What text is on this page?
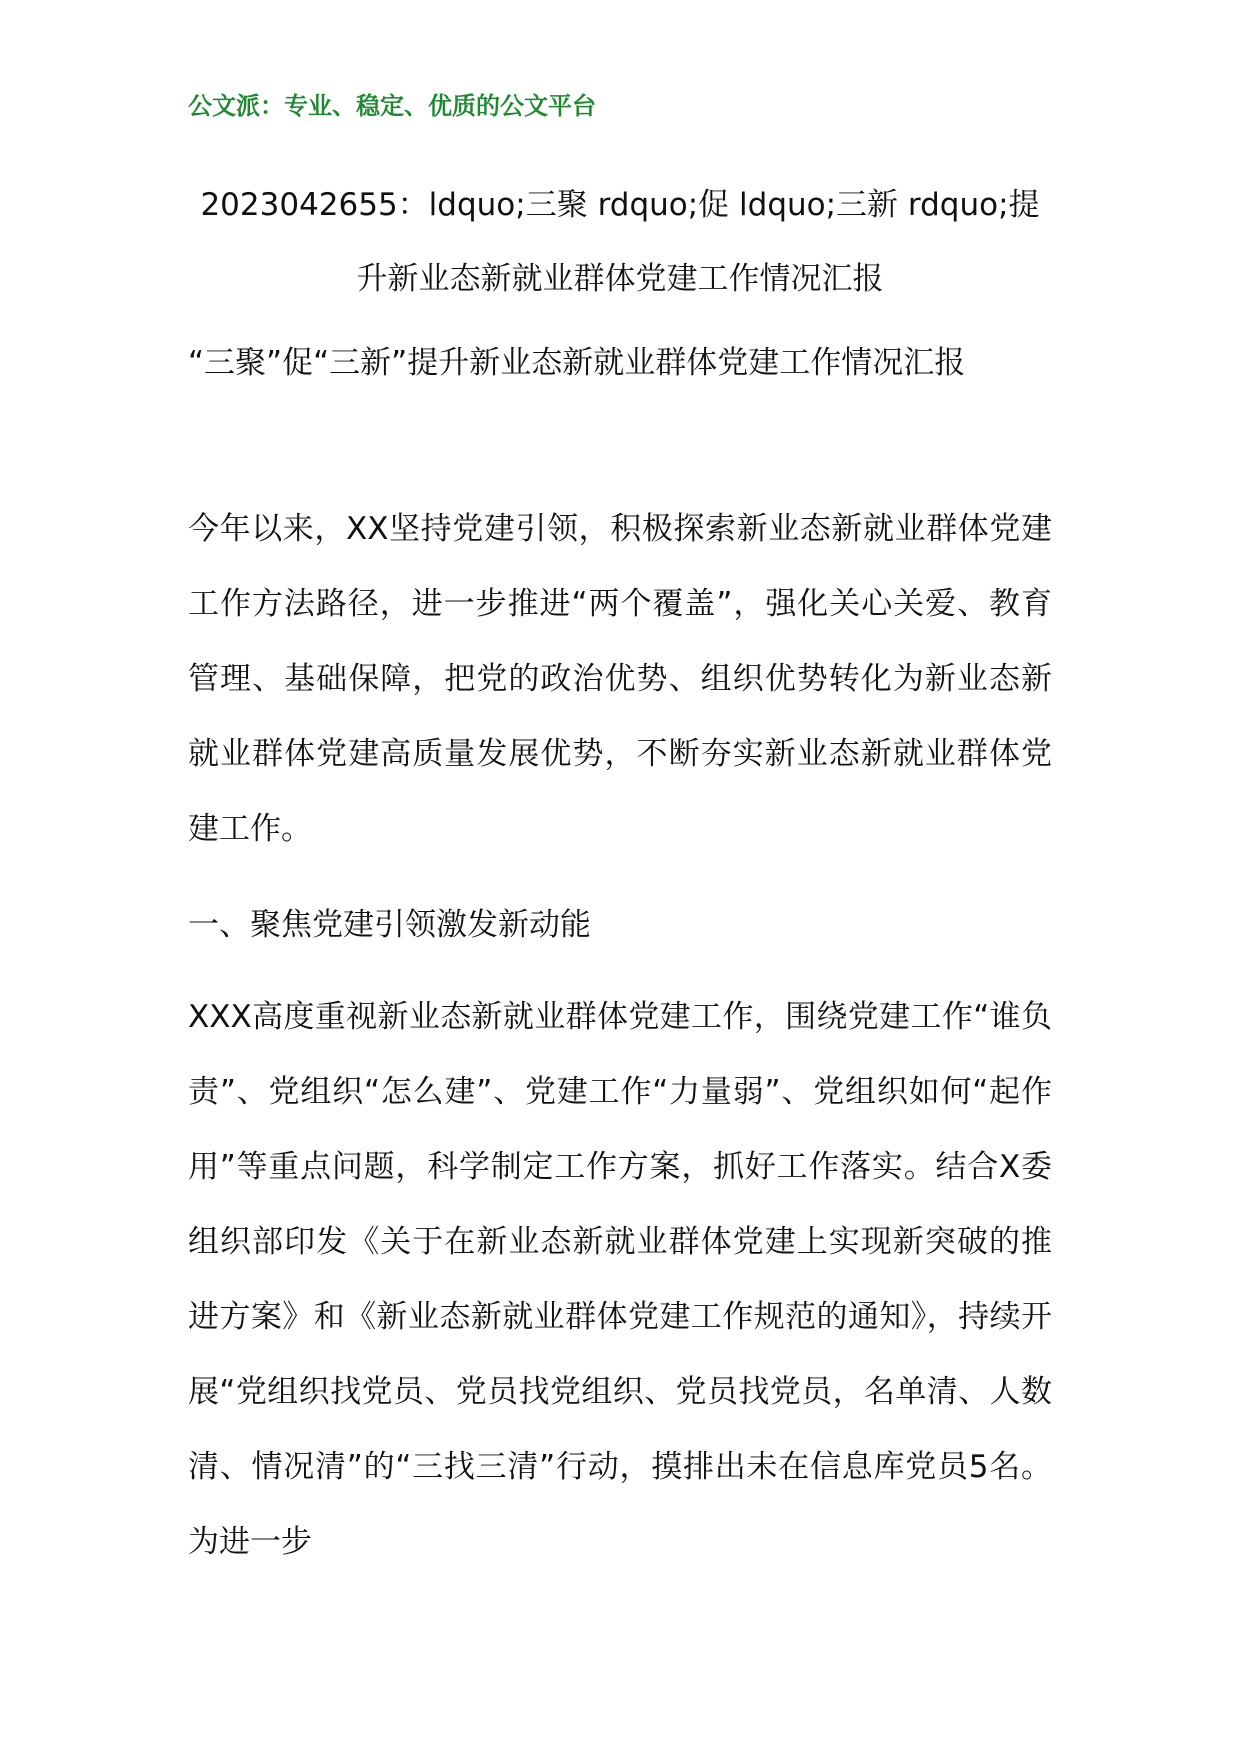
公文派：专业、稳定、优质的公文平台
2023042655：ldquo;三聚 rdquo;促 ldquo;三新 rdquo;提
升新业态新就业群体党建工作情况汇报
“三聚”促“三新”提升新业态新就业群体党建工作情况汇报
今年以来，XX坚持党建引领，积极探索新业态新就业群体党建工作方法路径，进一步推进“两个覆盖”，强化关心关爱、教育管理、基础保障，把党的政治优势、组织优势转化为新业态新就业群体党建高质量发展优势，不断夯实新业态新就业群体党建工作。
一、聚焦党建引领激发新动能
XXX高度重视新业态新就业群体党建工作，围绕党建工作“谁负责”、党组织“怎么建”、党建工作“力量弱”、党组织如何“起作用”等重点问题，科学制定工作方案，抓好工作落实。结合X委组织部印发《关于在新业态新就业群体党建上实现新突破的推进方案》和《新业态新就业群体党建工作规范的通知》，持续开展“党组织找党员、党员找党组织、党员找党员，名单清、人数清、情况清”的“三找三清”行动，摸排出未在信息库党员5名。为进一步
